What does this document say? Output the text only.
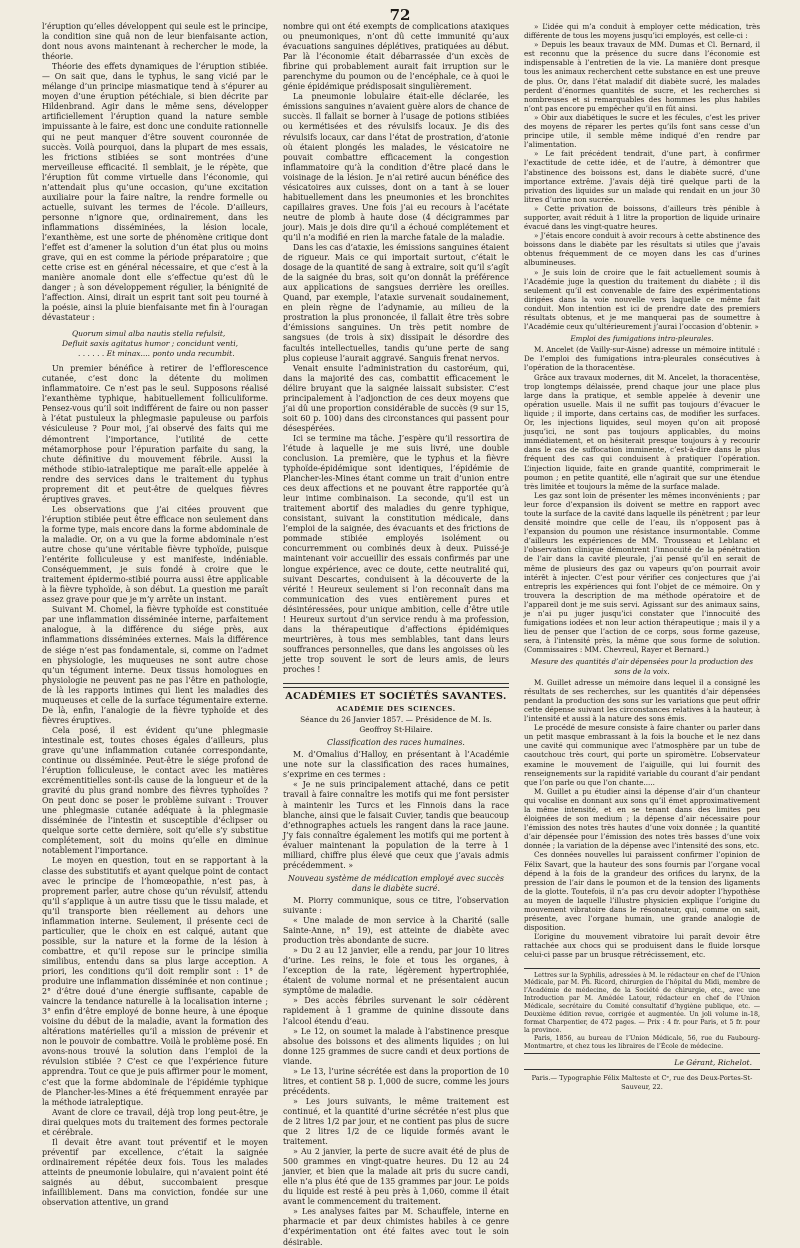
72

l’éruption qu’elles développent qui seule est le principe, la condition sine quâ non de leur bienfaisante action, dont nous avons maintenant à rechercher le mode, la théorie.

Théorie des effets dynamiques de l’éruption stibiée. — On sait que, dans le typhus, le sang vicié par le mélange d’un principe miasmatique tend à s’épurer au moyen d’une éruption pétéchiale, si bien décrite par Hildenbrand. Agir dans le même sens, développer artificiellement l’éruption quand la nature semble impuissante à le faire, est donc une conduite rationnelle qui ne peut manquer d’être souvent couronnée de succès. Voilà pourquoi, dans la plupart de mes essais, les frictions stibiées se sont montrées d’une merveilleuse efficacité. Il semblait, je le répète, que l’éruption fût comme virtuelle dans l’économie, qui n’attendait plus qu’une occasion, qu’une excitation auxiliaire pour la faire naître, la rendre formelle ou actuelle, suivant les termes de l’école. D’ailleurs, personne n’ignore que, ordinairement, dans les inflammations disséminées, la lésion locale, l’exanthème, est une sorte de phénomène critique dont l’effet est d’amener la solution d’un état plus ou moins grave, qui en est comme la période préparatoire ; que cette crise est en général nécessaire, et que c’est à la manière anomale dont elle s’effectue qu’est dû le danger ; à son développement régulier, la bénignité de l’affection. Ainsi, dirait un esprit tant soit peu tourné à la poésie, ainsi la pluie bienfaisante met fin à l’ouragan dévastateur :

Quorum simul alba nautis stella refulsit,
Defluit saxis agitatus humor ; concidunt venti,
. . . . . . Et minax.... ponto unda recumbit.

Un premier bénéfice à retirer de l’efflorescence cutanée, c’est donc la détente du molimen inflammatoire. Ce n’est pas le seul. Supposons réalisé l’exanthème typhique, habituellement folliculiforme. Pensez-vous qu’il soit indifférent de faire ou non passer à l’état pustuleux la phlegmasie papuleuse ou parfois vésiculeuse ? Pour moi, j’ai observé des faits qui me démontrent l’importance, l’utilité de cette métamorphose pour l’épuration parfaite du sang, la chute définitive du mouvement fébrile. Aussi la méthode stibio-iatraleptique me paraît-elle appelée à rendre des services dans le traitement du typhus proprement dit et peut-être de quelques fièvres éruptives graves.

Les observations que j’ai citées prouvent que l’éruption stibiée peut être efficace non seulement dans la forme type, mais encore dans la forme abdominale de la maladie. Or, on a vu que la forme abdominale n’est autre chose qu’une véritable fièvre typhoïde, puisque l’entérite folliculeuse y est manifeste, indéniable. Conséquemment, je suis fondé à croire que le traitement épidermo-stibié pourra aussi être applicable à la fièvre typhoïde, à son début. La question me paraît assez grave pour que je m’y arrête un instant.

Suivant M. Chomel, la fièvre typhoïde est constituée par une inflammation disséminée interne, parfaitement analogue, à la différence du siége près, aux inflammations disséminées externes. Mais la différence de siége n’est pas fondamentale, si, comme on l’admet en physiologie, les muqueuses ne sont autre chose qu’un tégument interne. Deux tissus homologues en physiologie ne peuvent pas ne pas l’être en pathologie, de là les rapports intimes qui lient les maladies des muqueuses et celle de la surface tégumentaire externe. De là, enfin, l’analogie de la fièvre typhoïde et des fièvres éruptives.

Cela posé, il est évident qu’une phlegmasie intestinale est, toutes choses égales d’ailleurs, plus grave qu’une inflammation cutanée correspondante, continue ou disséminée. Peut-être le siége profond de l’éruption folliculeuse, le contact avec les matières excrémentitielles sont-ils cause de la longueur et de la gravité du plus grand nombre des fièvres typhoïdes ? On peut donc se poser le problème suivant : Trouver une phlegmasie cutanée adéquate à la phlegmasie disséminée de l’intestin et susceptible d’éclipser ou quelque sorte cette dernière, soit qu’elle s’y substitue complétement, soit du moins qu’elle en diminue notablement l’importance.

Le moyen en question, tout en se rapportant à la classe des substitutifs et ayant quelque point de contact avec le principe de l’homœopathie, n’est pas, à proprement parler, autre chose qu’un révulsif, attendu qu’il s’applique à un autre tissu que le tissu malade, et qu’il transporte bien réellement au dehors une inflammation interne. Seulement, il présente ceci de particulier, que le choix en est calqué, autant que possible, sur la nature et la forme de la lésion à combattre, et qu’il repose sur le principe similia similibus, entendu dans sa plus large acception. A priori, les conditions qu’il doit remplir sont : 1° de produire une inflammation disséminée et non continue ; 2° d’être doué d’une énergie suffisante, capable de vaincre la tendance naturelle à la localisation interne ; 3° enfin d’être employé de bonne heure, à une époque voisine du début de la maladie, avant la formation des altérations matérielles qu’il a mission de prévenir et non le pouvoir de combattre. Voilà le problème posé. En avons-nous trouvé la solution dans l’emploi de la révulsion stibiée ? C’est ce que l’expérience future apprendra. Tout ce que je puis affirmer pour le moment, c’est que la forme abdominale de l’épidémie typhique de Plancher-les-Mines a été fréquemment enrayée par la méthode iatraleptique.

Avant de clore ce travail, déjà trop long peut-être, je dirai quelques mots du traitement des formes pectorale et cérébrale.

Il devait être avant tout préventif et le moyen préventif par excellence, c’était la saignée ordinairement répétée deux fois. Tous les malades atteints de pneumonie lobulaire, qui n’avaient point été saignés au début, succombaient presque infailliblement. Dans ma conviction, fondée sur une observation attentive, un grand

nombre qui ont été exempts de complications ataxiques ou pneumoniques, n’ont dû cette immunité qu’aux évacuations sanguines déplétives, pratiquées au début. Par là l’économie était débarrassée d’un excès de fibrine qui probablement aurait fait irruption sur le parenchyme du poumon ou de l’encéphale, ce à quoi le génie épidémique prédisposait singulièrement.

La pneumonie lobulaire était-elle déclarée, les émissions sanguines n’avaient guère alors de chance de succès. Il fallait se borner à l’usage de potions stibiées ou kermétisées et des révulsifs locaux. Je dis des révulsifs locaux, car dans l’état de prostration, d’atonie où étaient plongés les malades, le vésicatoire ne pouvait combattre efficacement la congestion inflammatoire qu’à la condition d’être placé dans le voisinage de la lésion. Je n’ai retiré aucun bénéfice des vésicatoires aux cuisses, dont on a tant à se louer habituellement dans les pneumonies et les bronchites capillaires graves. Une fois j’ai eu recours à l’acétate neutre de plomb à haute dose (4 décigrammes par jour). Mais je dois dire qu’il a échoué complétement et qu’il n’a modifié en rien la marche fatale de la maladie.

Dans les cas d’ataxie, les émissions sanguines étaient de rigueur. Mais ce qui importait surtout, c’était le dosage de la quantité de sang à extraire, soit qu’il s’agît de la saignée du bras, soit qu’on donnât la préférence aux applications de sangsues derrière les oreilles. Quand, par exemple, l’ataxie survenait soudainement, en plein règne de l’adynamie, au milieu de la prostration la plus prononcée, il fallait être très sobre d’émissions sanguines. Un très petit nombre de sangsues (de trois à six) dissipait le désordre des facultés intellectuelles, tandis qu’une perte de sang plus copieuse l’aurait aggravé. Sanguis frenat nervos.

Venait ensuite l’administration du castoréum, qui, dans la majorité des cas, combattit efficacement le délire bruyant que la saignée laissait subsister. C’est principalement à l’adjonction de ces deux moyens que j’ai dû une proportion considérable de succès (9 sur 15, soit 60 p. 100) dans des circonstances qui passent pour désespérées.

Ici se termine ma tâche. J’espère qu’il ressortira de l’étude à laquelle je me suis livré, une double conclusion. La première, que le typhus et la fièvre typhoïde-épidémique sont identiques, l’épidémie de Plancher-les-Mines étant comme un trait d’union entre ces deux affections et ne pouvant être rapportée qu’à leur intime combinaison. La seconde, qu’il est un traitement abortif des maladies du genre typhique, consistant, suivant la constitution médicale, dans l’emploi de la saignée, des évacuants et des frictions de pommade stibiée employés isolément ou concurremment ou combinés deux à deux. Puissé-je maintenant voir accueillir des essais confirmés par une longue expérience, avec ce doute, cette neutralité qui, suivant Descartes, conduisent à la découverte de la vérité ! Heureux seulement si l’on reconnaît dans ma communication des vues entièrement pures et désintéressées, pour unique ambition, celle d’être utile ! Heureux surtout d’un service rendu à ma profession, dans la thérapeutique d’affections épidémiques meurtrières, à tous mes semblables, tant dans leurs souffrances personnelles, que dans les angoisses où les jette trop souvent le sort de leurs amis, de leurs proches !

ACADÉMIES ET SOCIÉTÉS SAVANTES.
ACADÉMIE DES SCIENCES.
Séance du 26 Janvier 1857. — Présidence de M. Is. Geoffroy St-Hilaire.
Classification des races humaines.

M. d’Omalius d’Halloy, en présentant à l’Académie une note sur la classification des races humaines, s’exprime en ces termes :

« Je ne suis principalement attaché, dans ce petit travail à faire connaître les motifs qui me font persister à maintenir les Turcs et les Finnois dans la race blanche, ainsi que le faisait Cuvier, tandis que beaucoup d’ethnographes actuels les rangent dans la race jaune. J’y fais connaître également les motifs qui me portent à évaluer maintenant la population de la terre à 1 milliard, chiffre plus élevé que ceux que j’avais admis précédemment. »

Nouveau système de médication employé avec succès dans le diabète sucré.

M. Piorry communique, sous ce titre, l’observation suivante :

« Une malade de mon service à la Charité (salle Sainte-Anne, n° 19), est atteinte de diabète avec production très abondante de sucre.

» Du 2 au 12 janvier, elle a rendu, par jour 10 litres d’urine. Les reins, le foie et tous les organes, à l’exception de la rate, légèrement hypertrophiée, étaient de volume normal et ne présentaient aucun symptôme de maladie.

» Des accès fébriles survenant le soir cédèrent rapidement à 1 gramme de quinine dissoute dans l’alcool étendu d’eau.

» Le 12, on soumet la malade à l’abstinence presque absolue des boissons et des aliments liquides ; on lui donne 125 grammes de sucre candi et deux portions de viande.

» Le 13, l’urine sécrétée est dans la proportion de 10 litres, et contient 58 p. 1,000 de sucre, comme les jours précédents.

» Les jours suivants, le même traitement est continué, et la quantité d’urine sécrétée n’est plus que de 2 litres 1/2 par jour, et ne contient pas plus de sucre que 2 litres 1/2 de ce liquide formés avant le traitement.

» Au 2 janvier, la perte de sucre avait été de plus de 500 grammes en vingt-quatre heures. Du 12 au 24 janvier, et bien que la malade ait pris du sucre candi, elle n’a plus été que de 135 grammes par jour. Le poids du liquide est resté à peu près à 1,060, comme il était avant le commencement du traitement.

» Les analyses faites par M. Schauffele, interne en pharmacie et par deux chimistes habiles à ce genre d’expérimentation ont été faites avec tout le soin désirable.

» L’idée qui m’a conduit à employer cette médication, très différente de tous les moyens jusqu’ici employés, est celle-ci :

» Depuis les beaux travaux de MM. Dumas et Cl. Bernard, il est reconnu que la présence du sucre dans l’économie est indispensable à l’entretien de la vie. La manière dont presque tous les animaux recherchent cette substance en est une preuve de plus. Or, dans l’état maladif dit diabète sucré, les malades perdent d’énormes quantités de sucre, et les recherches si nombreuses et si remarquables des hommes les plus habiles n’ont pas encore pu empêcher qu’il en fût ainsi.

» Obir aux diabétiques le sucre et les fécules, c’est les priver des moyens de réparer les pertes qu’ils font sans cesse d’un principe utile, il semble même indiqué d’en rendre par l’alimentation.

» Le fait précédent tendrait, d’une part, à confirmer l’exactitude de cette idée, et de l’autre, à démontrer que l’abstinence des boissons est, dans le diabète sucré, d’une importance extrême. J’avais déjà tiré quelque parti de la privation des liquides sur un malade qui rendait en un jour 30 litres d’urine non sucrée.

» Cette privation de boissons, d’ailleurs très pénible à supporter, avait réduit à 1 litre la proportion de liquide urinaire évacué dans les vingt-quatre heures.

» J’étais encore conduit à avoir recours à cette abstinence des boissons dans le diabète par les résultats si utiles que j’avais obtenus fréquemment de ce moyen dans les cas d’urines albumineuses.

» Je suis loin de croire que le fait actuellement soumis à l’Académie juge la question du traitement du diabète ; il dis seulement qu’il est convenable de faire des expérimentations dirigées dans la voie nouvelle vers laquelle ce même fait conduit. Mon intention est ici de prendre date des premiers résultats obtenus, et je me manquerai pas de soumettre à l’Académie ceux qu’ultérieurement j’aurai l’occasion d’obtenir. »

Emploi des fumigations intra-pleurales.

M. Ancelet (de Vailly-sur-Aisne) adresse un mémoire intitulé : De l’emploi des fumigations intra-pleurales consécutives à l’opération de la thoracentèse.

Grâce aux travaux modernes, dit M. Ancelet, la thoracentèse, trop longtemps délaissée, prend chaque jour une place plus large dans la pratique, et semble appelée à devenir une opération usuelle. Mais il ne suffit pas toujours d’évacuer le liquide ; il importe, dans certains cas, de modifier les surfaces. Or, les injections liquides, seul moyen qu’on ait proposé jusqu’ici, ne sont pas toujours applicables, du moins immédiatement, et on hésiterait presque toujours à y recourir dans le cas de suffocation imminente, c’est-à-dire dans le plus fréquent des cas qui conduisent à pratiquer l’opération. L’injection liquide, faite en grande quantité, comprimerait le poumon ; en petite quantité, elle n’agirait que sur une étendue très limitée et toujours la même de la surface malade.

Les gaz sont loin de présenter les mêmes inconvénients ; par leur force d’expansion ils doivent se mettre en rapport avec toute la surface de la cavité dans laquelle ils pénètrent ; par leur densité moindre que celle de l’eau, ils n’opposent pas à l’expansion du poumon une résistance insurmontable. Comme d’ailleurs les expériences de MM. Trousseau et Leblanc et l’observation clinique démontrent l’innocuité de la pénétration de l’air dans la cavité pleurale, j’ai pensé qu’il en serait de même de plusieurs des gaz ou vapeurs qu’on pourrait avoir intérêt à injecter. C’est pour vérifier ces conjectures que j’ai entrepris les expériences qui font l’objet de ce mémoire. On y trouvera la description de ma méthode opératoire et de l’appareil dont je me suis servi. Agissant sur des animaux sains, je n’ai pu juger jusqu’ici constater que l’innocuité des fumigations iodées et non leur action thérapeutique ; mais il y a lieu de penser que l’action de ce corps, sous forme gazeuse, sera, à l’intensité près, la même que sous forme de solution. (Commissaires : MM. Chevreul, Rayer et Bernard.)

Mesure des quantités d’air dépensées pour la production des sons de la voix.

M. Guillet adresse un mémoire dans lequel il a consigné les résultats de ses recherches, sur les quantités d’air dépensées pendant la production des sons sur les variations que peut offrir cette dépense suivant les circonstances relatives à la hauteur, à l’intensité et aussi à la nature des sons émis.

Le procédé de mesure consiste à faire chanter ou parler dans un petit masque embrassant à la fois la bouche et le nez dans une cavité qui communique avec l’atmosphère par un tube de caoutchouc très court, qui porte un spiromètre. L’observateur examine le mouvement de l’aiguille, qui lui fournit des renseignements sur la rapidité variable du courant d’air pendant que l’on parle ou que l’on chante.....

M. Guillet a pu étudier ainsi la dépense d’air d’un chanteur qui vocalise en donnant aux sons qu’il émet approximativement la même intensité, et en se tenant dans des limites peu éloignées de son medium ; la dépense d’air nécessaire pour l’émission des notes très hautes d’une voix donnée ; la quantité d’air dépensée pour l’émission des notes très basses d’une voix donnée ; la variation de la dépense avec l’intensité des sons, etc.

Ces données nouvelles lui paraissent confirmer l’opinion de Félix Savart, que la hauteur des sons fournis par l’organe vocal dépend à la fois de la grandeur des orifices du larynx, de la pression de l’air dans le poumon et de la tension des ligaments de la glotte. Toutefois, il n’a pas cru devoir adopter l’hypothèse au moyen de laquelle l’illustre physicien explique l’origine du mouvement vibratoire dans le résonateur, qui, comme on sait, présente, avec l’organe humain, une grande analogie de disposition.

L’origine du mouvement vibratoire lui paraît devoir être rattachée aux chocs qui se produisent dans le fluide lorsque celui-ci passe par un brusque rétrécissement, etc.

Lettres sur la Syphilis, adressées à M. le rédacteur en chef de l’Union Médicale, par M. Ph. Ricord, chirurgien de l’hôpital du Midi, membre de l’Académie de médecine, de la Société de chirurgie, etc., avec une Introduction par M. Amédée Latour, rédacteur en chef de l’Union Médicale, secrétaire du Comité consultatif d’hygiène publique, etc. — Deuxième édition revue, corrigée et augmentée. Un joli volume in-18, format Charpentier, de 472 pages. — Prix : 4 fr. pour Paris, et 5 fr. pour la province.

Paris, 1856, au bureau de l’Union Médicale, 56, rue du Faubourg-Montmartre, et chez tous les libraires de l’École de médecine.

Le Gérant, Richelot.
Paris.— Typographie Félix Malteste et Cᵉ, rue des Deux-Portes-St-Sauveur, 22.
